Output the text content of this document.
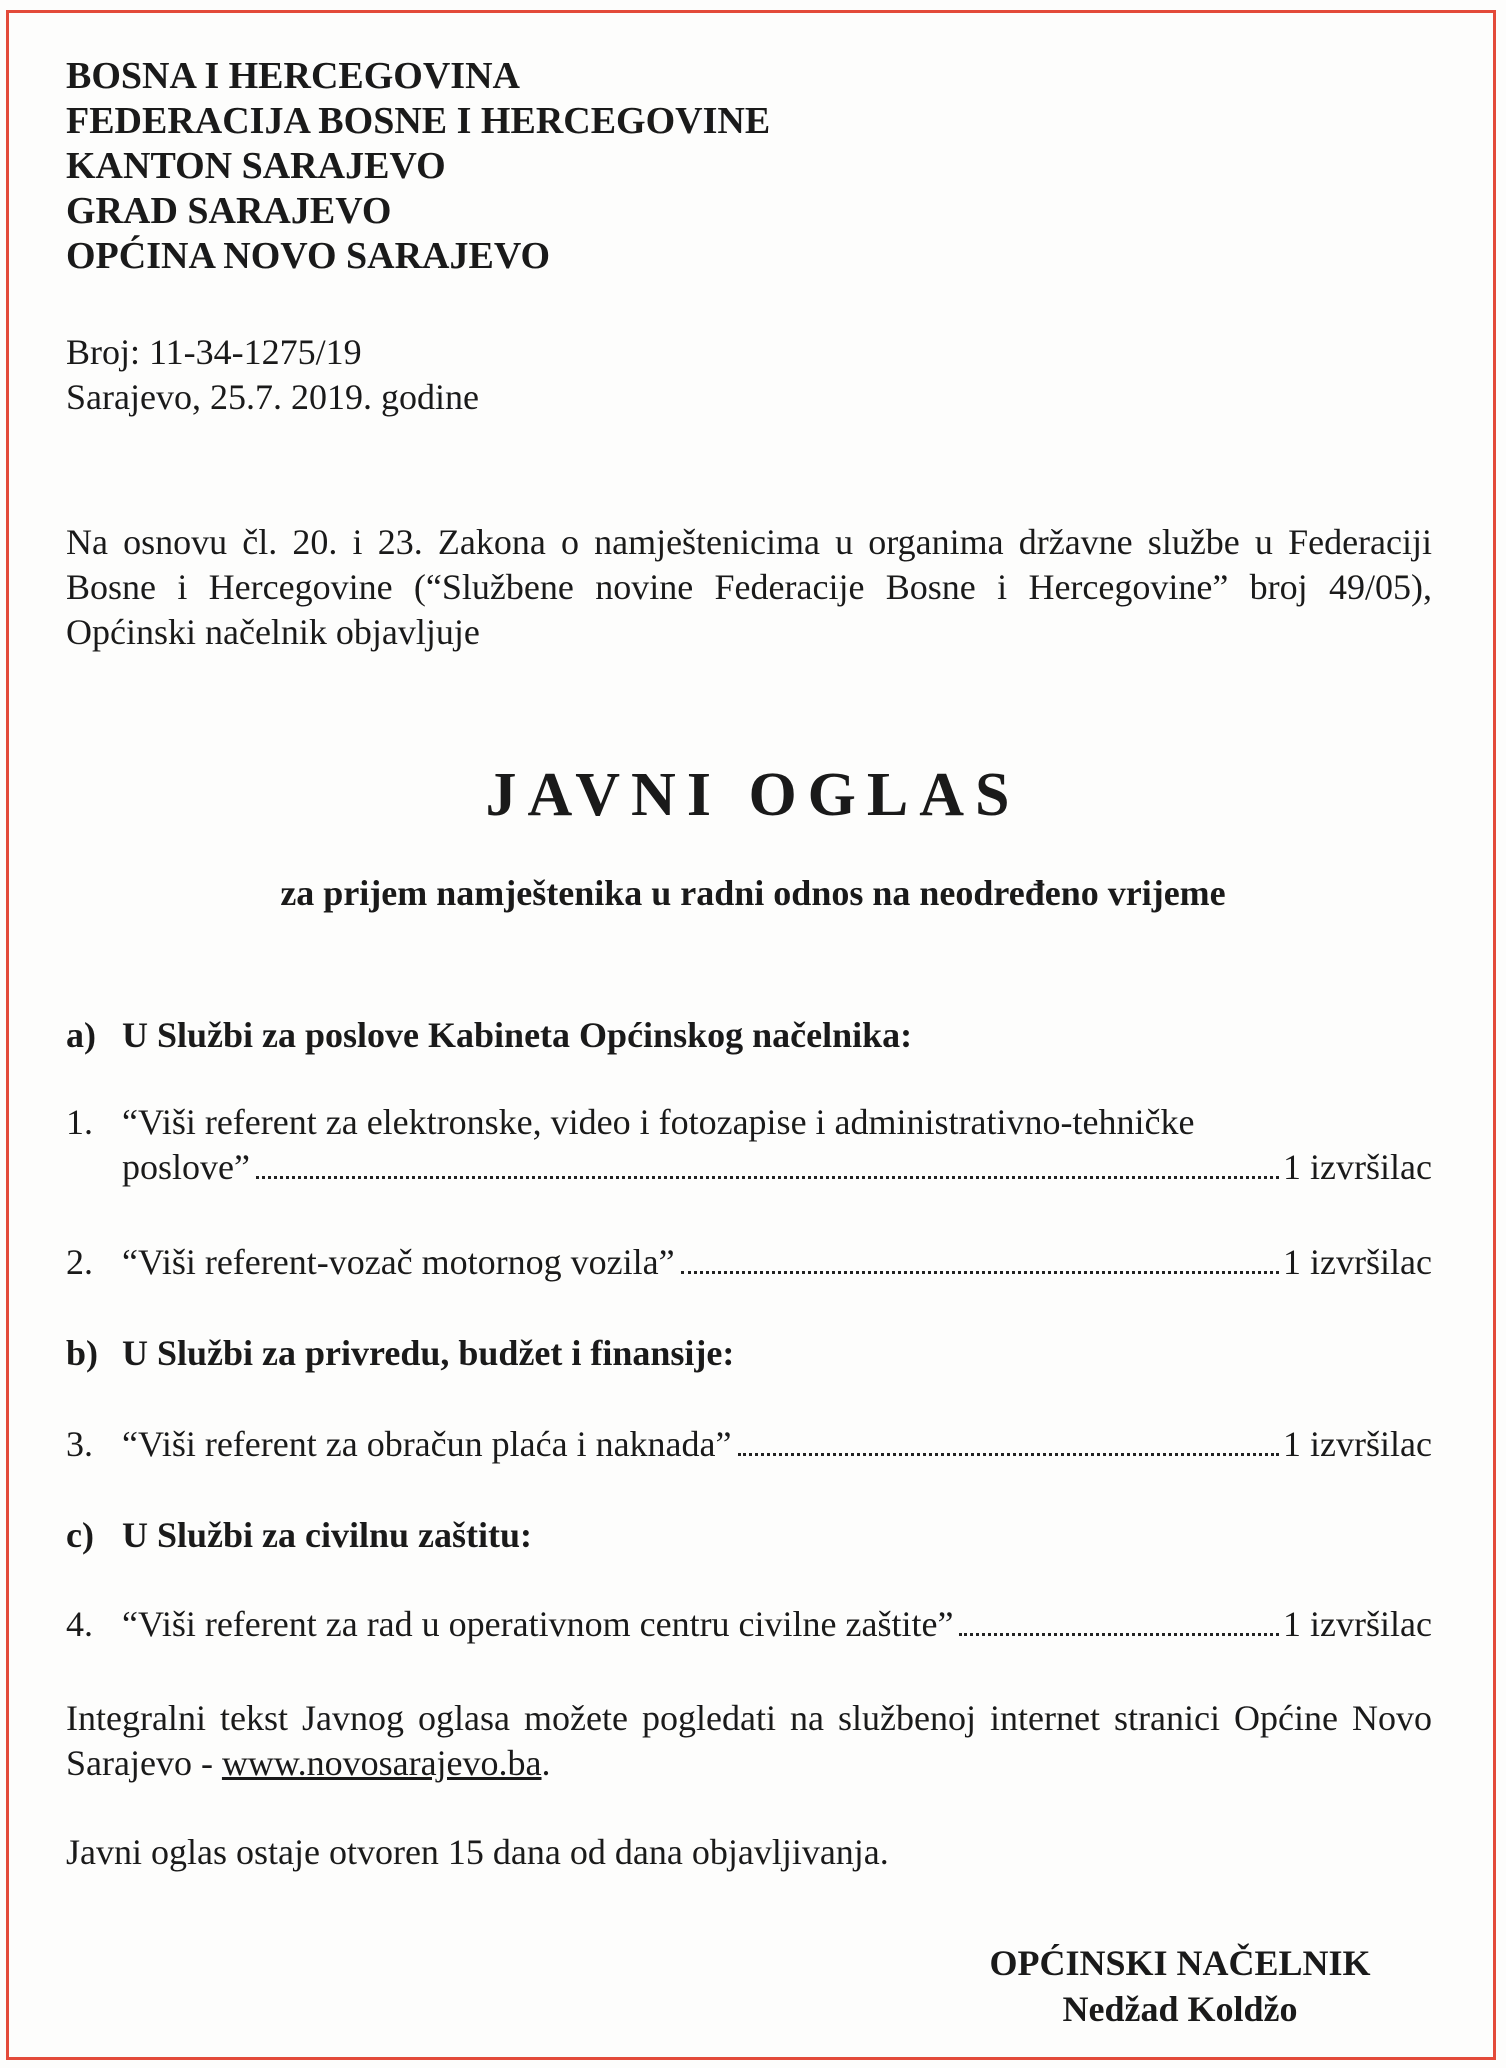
BOSNA I HERCEGOVINA
FEDERACIJA BOSNE I HERCEGOVINE
KANTON SARAJEVO
GRAD SARAJEVO
OPĆINA NOVO SARAJEVO
Broj: 11-34-1275/19
Sarajevo, 25.7. 2019. godine
Na osnovu čl. 20. i 23. Zakona o namještenicima u organima državne službe u Federaciji Bosne i Hercegovine (“Službene novine Federacije Bosne i Hercegovine” broj 49/05), Općinski načelnik objavljuje
JAVNI OGLAS
za prijem namještenika u radni odnos na neodređeno vrijeme
a) U Službi za poslove Kabineta Općinskog načelnika:
1. “Viši referent za elektronske, video i fotozapise i administrativno-tehničke
poslove”	1 izvršilac
2. “Viši referent-vozač motornog vozila”	1 izvršilac
b) U Službi za privredu, budžet i finansije:
3. “Viši referent za obračun plaća i naknada”	1 izvršilac
c) U Službi za civilnu zaštitu:
4. “Viši referent za rad u operativnom centru civilne zaštite”	1 izvršilac
Integralni tekst Javnog oglasa možete pogledati na službenoj internet stranici Općine Novo Sarajevo - www.novosarajevo.ba.
Javni oglas ostaje otvoren 15 dana od dana objavljivanja.
OPĆINSKI NAČELNIK
Nedžad Koldžo
